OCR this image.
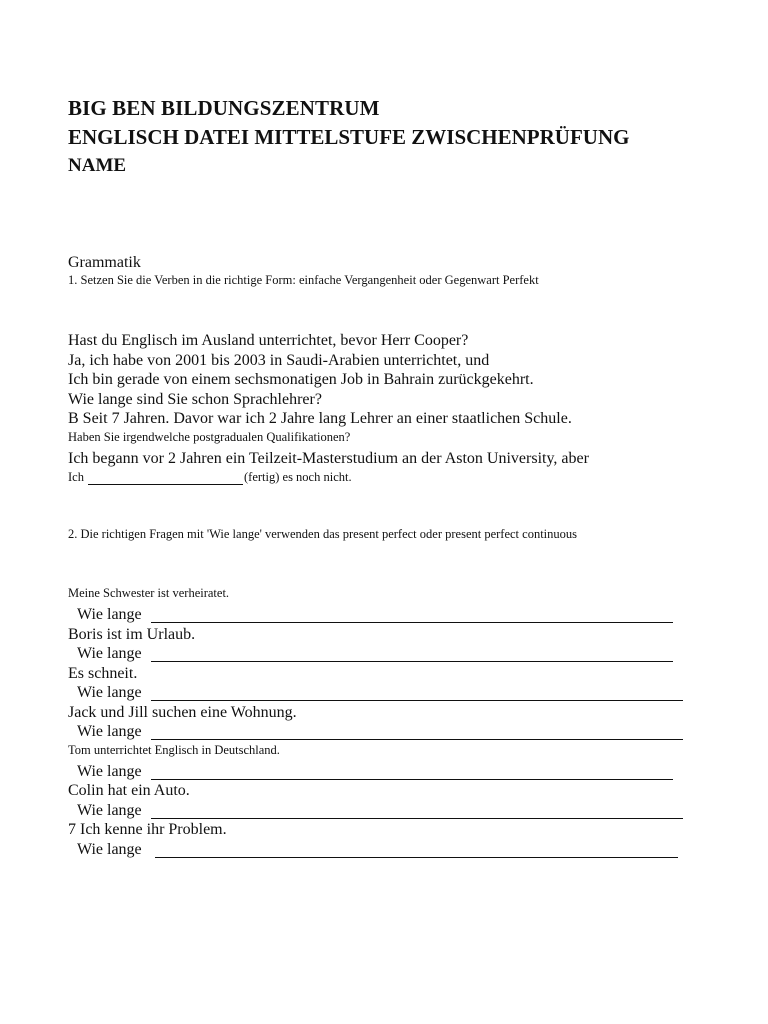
BIG BEN BILDUNGSZENTRUM
ENGLISCH DATEI MITTELSTUFE ZWISCHENPRÜFUNG
NAME
Grammatik
1. Setzen Sie die Verben in die richtige Form: einfache Vergangenheit oder Gegenwart Perfekt
Hast du Englisch im Ausland unterrichtet, bevor Herr Cooper?
Ja, ich habe von 2001 bis 2003 in Saudi-Arabien unterrichtet, und
Ich bin gerade von einem sechsmonatigen Job in Bahrain zurückgekehrt.
Wie lange sind Sie schon Sprachlehrer?
B Seit 7 Jahren. Davor war ich 2 Jahre lang Lehrer an einer staatlichen Schule.
Haben Sie irgendwelche postgradualen Qualifikationen?
Ich begann vor 2 Jahren ein Teilzeit-Masterstudium an der Aston University, aber
Ich	(fertig) es noch nicht.
2. Die richtigen Fragen mit 'Wie lange' verwenden das present perfect oder present perfect continuous
Meine Schwester ist verheiratet.
Wie lange
Boris ist im Urlaub.
Wie lange
Es schneit.
Wie lange
Jack und Jill suchen eine Wohnung.
Wie lange
Tom unterrichtet Englisch in Deutschland.
Wie lange
Colin hat ein Auto.
Wie lange
7 Ich kenne ihr Problem.
Wie lange
